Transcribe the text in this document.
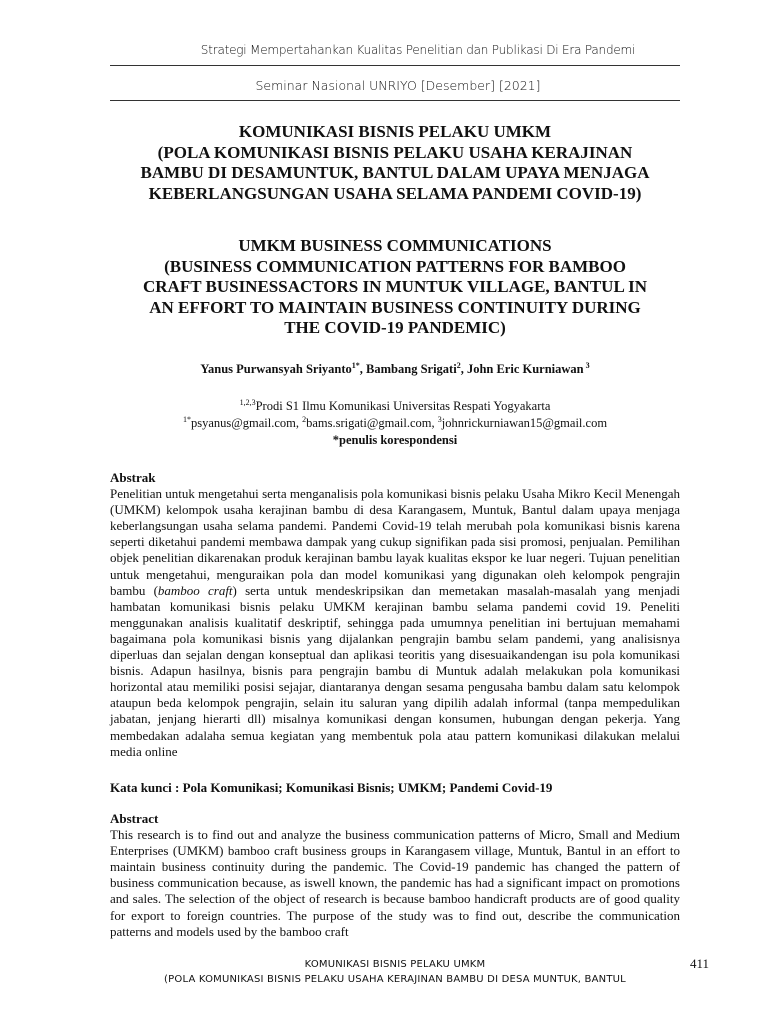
Strategi Mempertahankan Kualitas Penelitian dan Publikasi Di Era Pandemi
Seminar Nasional UNRIYO [Desember] [2021]
KOMUNIKASI BISNIS PELAKU UMKM
(POLA KOMUNIKASI BISNIS PELAKU USAHA KERAJINAN
BAMBU DI DESAMUNTUK, BANTUL DALAM UPAYA MENJAGA
KEBERLANGSUNGAN USAHA SELAMA PANDEMI COVID-19)
UMKM BUSINESS COMMUNICATIONS
(BUSINESS COMMUNICATION PATTERNS FOR BAMBOO
CRAFT BUSINESSACTORS IN MUNTUK VILLAGE, BANTUL IN
AN EFFORT TO MAINTAIN BUSINESS CONTINUITY DURING
THE COVID-19 PANDEMIC)
Yanus Purwansyah Sriyanto$^{1*}$, Bambang Srigati$^2$, John Eric Kurniawan $^3$
$^{1,2,3}$Prodi S1 Ilmu Komunikasi Universitas Respati Yogyakarta
$^{1*}$psyanus@gmail.com, $^2$bams.srigati@gmail.com, $^3$johnrickurniawan15@gmail.com
*penulis korespondensi
Abstrak

Penelitian untuk mengetahui serta menganalisis pola komunikasi bisnis pelaku Usaha Mikro Kecil Menengah (UMKM) kelompok usaha kerajinan bambu di desa Karangasem, Muntuk, Bantul dalam upaya menjaga keberlangsungan usaha selama pandemi. Pandemi Covid-19 telah merubah pola komunikasi bisnis karena seperti diketahui pandemi membawa dampak yang cukup signifikan pada sisi promosi, penjualan. Pemilihan objek penelitian dikarenakan produk kerajinan bambu layak kualitas ekspor ke luar negeri. Tujuan penelitian untuk mengetahui, menguraikan pola dan model komunikasi yang digunakan oleh kelompok pengrajin bambu (bamboo craft) serta untuk mendeskripsikan dan memetakan masalah-masalah yang menjadi hambatan komunikasi bisnis pelaku UMKM kerajinan bambu selama pandemi covid 19. Peneliti menggunakan analisis kualitatif deskriptif, sehingga pada umumnya penelitian ini bertujuan memahami bagaimana pola komunikasi bisnis yang dijalankan pengrajin bambu selam pandemi, yang analisisnya diperluas dan sejalan dengan konseptual dan aplikasi teoritis yang disesuaikandengan isu pola komunikasi bisnis. Adapun hasilnya, bisnis para pengrajin bambu di Muntuk adalah melakukan pola komunikasi horizontal atau memiliki posisi sejajar, diantaranya dengan sesama pengusaha bambu dalam satu kelompok ataupun beda kelompok pengrajin, selain itu saluran yang dipilih adalah informal (tanpa mempedulikan jabatan, jenjang hierarti dll) misalnya komunikasi dengan konsumen, hubungan dengan pekerja. Yang membedakan adalaha semua kegiatan yang membentuk pola atau pattern komunikasi dilakukan melalui media online

Kata kunci : Pola Komunikasi; Komunikasi Bisnis; UMKM; Pandemi Covid-19
Abstract

This research is to find out and analyze the business communication patterns of Micro, Small and Medium Enterprises (UMKM) bamboo craft business groups in Karangasem village, Muntuk, Bantul in an effort to maintain business continuity during the pandemic. The Covid-19 pandemic has changed the pattern of business communication because, as iswell known, the pandemic has had a significant impact on promotions and sales. The selection of the object of research is because bamboo handicraft products are of good quality for export to foreign countries. The purpose of the study was to find out, describe the communication patterns and models used by the bamboo craft

KOMUNIKASI BISNIS PELAKU UMKM
(POLA KOMUNIKASI BISNIS PELAKU USAHA KERAJINAN BAMBU DI DESA MUNTUK, BANTUL
411
